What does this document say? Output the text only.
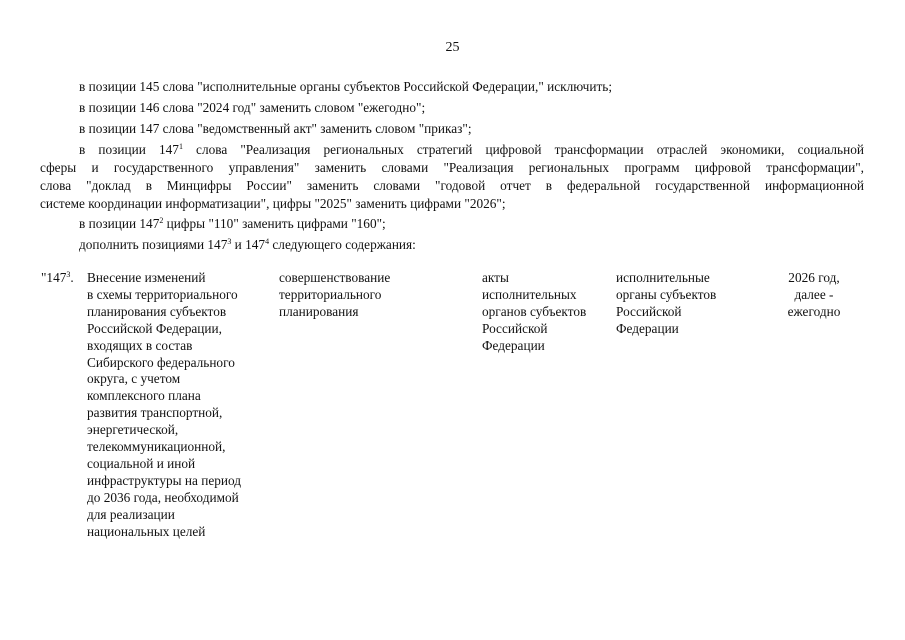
25
в позиции 145 слова "исполнительные органы субъектов Российской Федерации," исключить;
в позиции 146 слова "2024 год" заменить словом "ежегодно";
в позиции 147 слова "ведомственный акт" заменить словом "приказ";
в позиции $147^1$ слова "Реализация региональных стратегий цифровой трансформации отраслей экономики, социальной
сферы и государственного управления" заменить словами "Реализация региональных программ цифровой трансформации",
слова "доклад в Минцифры России" заменить словами "годовой отчет в федеральной государственной информационной
системе координации информатизации", цифры "2025" заменить цифрами "2026";
в позиции $147^2$ цифры "110" заменить цифрами "160";
дополнить позициями $147^3$ и $147^4$ следующего содержания:
"$147^3$. Внесение изменений
в схемы территориального
планирования субъектов
Российской Федерации,
входящих в состав
Сибирского федерального
округа, с учетом
комплексного плана
развития транспортной,
энергетической,
телекоммуникационной,
социальной и иной
инфраструктуры на период
до 2036 года, необходимой
для реализации
национальных целей
совершенствование
территориального
планирования
акты
исполнительных
органов субъектов
Российской
Федерации
исполнительные
органы субъектов
Российской
Федерации
2026 год,
далее -
ежегодно
